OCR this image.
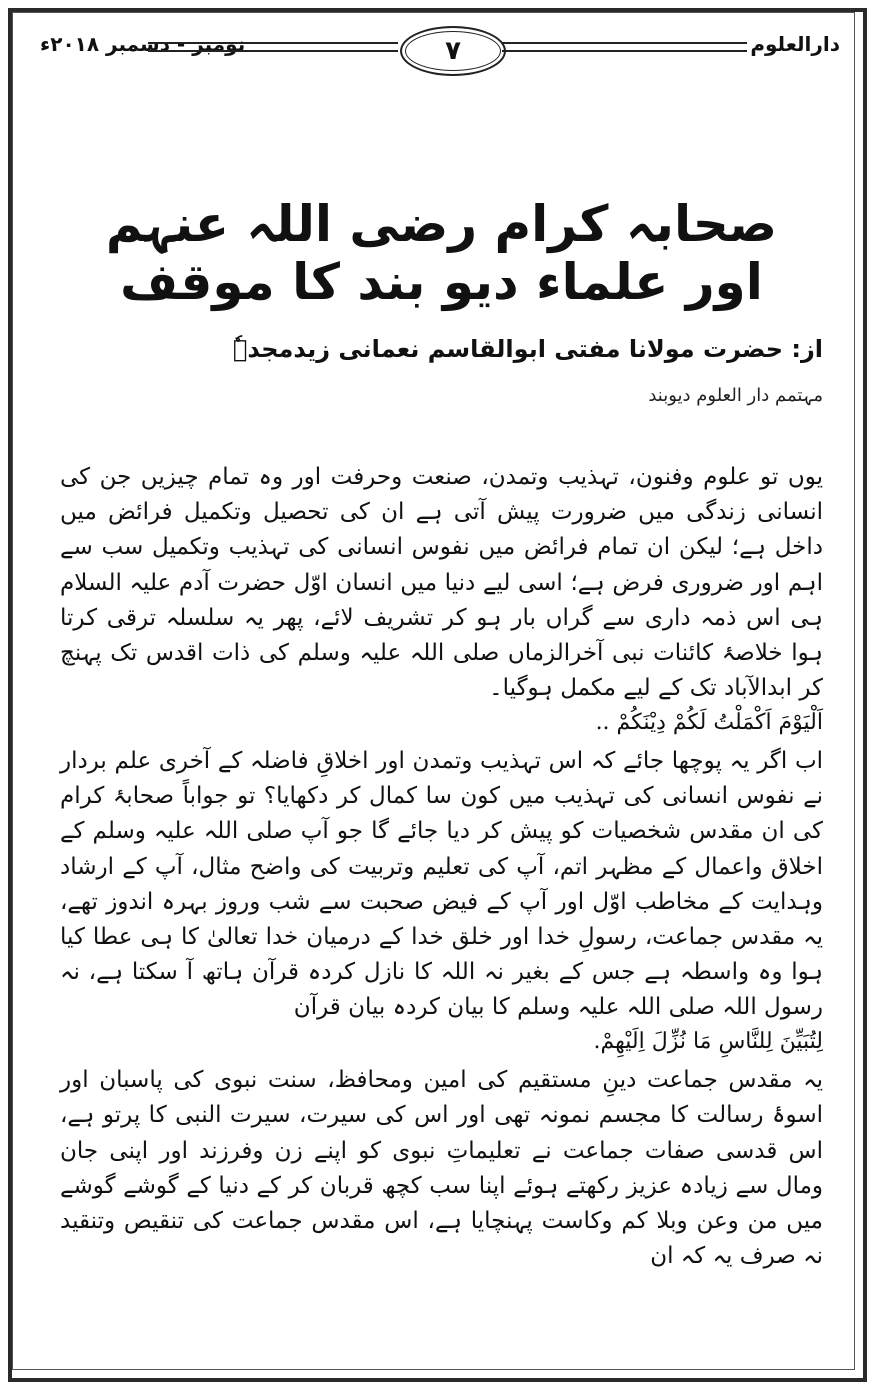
نومبر - دسمبر ۲۰۱۸ء	۷	دارالعلوم
صحابہ کرام رضی اللہ عنہم اور علماء دیو بند کا موقف
از: حضرت مولانا مفتی ابوالقاسم نعمانی زیدمجدہٗ
مہتمم دار العلوم دیوبند

یوں تو علوم وفنون، تہذیب وتمدن، صنعت وحرفت اور وہ تمام چیزیں جن کی انسانی زندگی میں ضرورت پیش آتی ہے ان کی تحصیل وتکمیل فرائض میں داخل ہے؛ لیکن ان تمام فرائض میں نفوس انسانی کی تہذیب وتکمیل سب سے اہم اور ضروری فرض ہے؛ اسی لیے دنیا میں انسان اوّل حضرت آدم علیہ السلام ہی اس ذمہ داری سے گراں بار ہو کر تشریف لائے، پھر یہ سلسلہ ترقی کرتا ہوا خلاصۂ کائنات نبی آخرالزماں صلی اللہ علیہ وسلم کی ذات اقدس تک پہنچ کر ابدالآباد تک کے لیے مکمل ہوگیا۔

اَلْيَوْمَ اَكْمَلْتُ لَكُمْ دِيْنَكُمْ ..

اب اگر یہ پوچھا جائے کہ اس تہذیب وتمدن اور اخلاقِ فاضلہ کے آخری علم بردار نے نفوس انسانی کی تہذیب میں کون سا کمال کر دکھایا؟ تو جواباً صحابۂ کرام کی ان مقدس شخصیات کو پیش کر دیا جائے گا جو آپ صلی اللہ علیہ وسلم کے اخلاق واعمال کے مظہر اتم، آپ کی تعلیم وتربیت کی واضح مثال، آپ کے ارشاد وہدایت کے مخاطب اوّل اور آپ کے فیض صحبت سے شب وروز بہرہ اندوز تھے، یہ مقدس جماعت، رسولِ خدا اور خلق خدا کے درمیان خدا تعالیٰ کا ہی عطا کیا ہوا وہ واسطہ ہے جس کے بغیر نہ اللہ کا نازل کردہ قرآن ہاتھ آ سکتا ہے، نہ رسول اللہ صلی اللہ علیہ وسلم کا بیان کردہ بیان قرآن

لِتُبَيِّنَ لِلنَّاسِ مَا نُزِّلَ اِلَيْهِمْ.

یہ مقدس جماعت دینِ مستقیم کی امین ومحافظ، سنت نبوی کی پاسبان اور اسوۂ رسالت کا مجسم نمونہ تھی اور اس کی سیرت، سیرت النبی کا پرتو ہے، اس قدسی صفات جماعت نے تعلیماتِ نبوی کو اپنے زن وفرزند اور اپنی جان ومال سے زیادہ عزیز رکھتے ہوئے اپنا سب کچھ قربان کر کے دنیا کے گوشے گوشے میں من وعن وبلا کم وکاست پہنچایا ہے، اس مقدس جماعت کی تنقیص وتنقید نہ صرف یہ کہ ان
